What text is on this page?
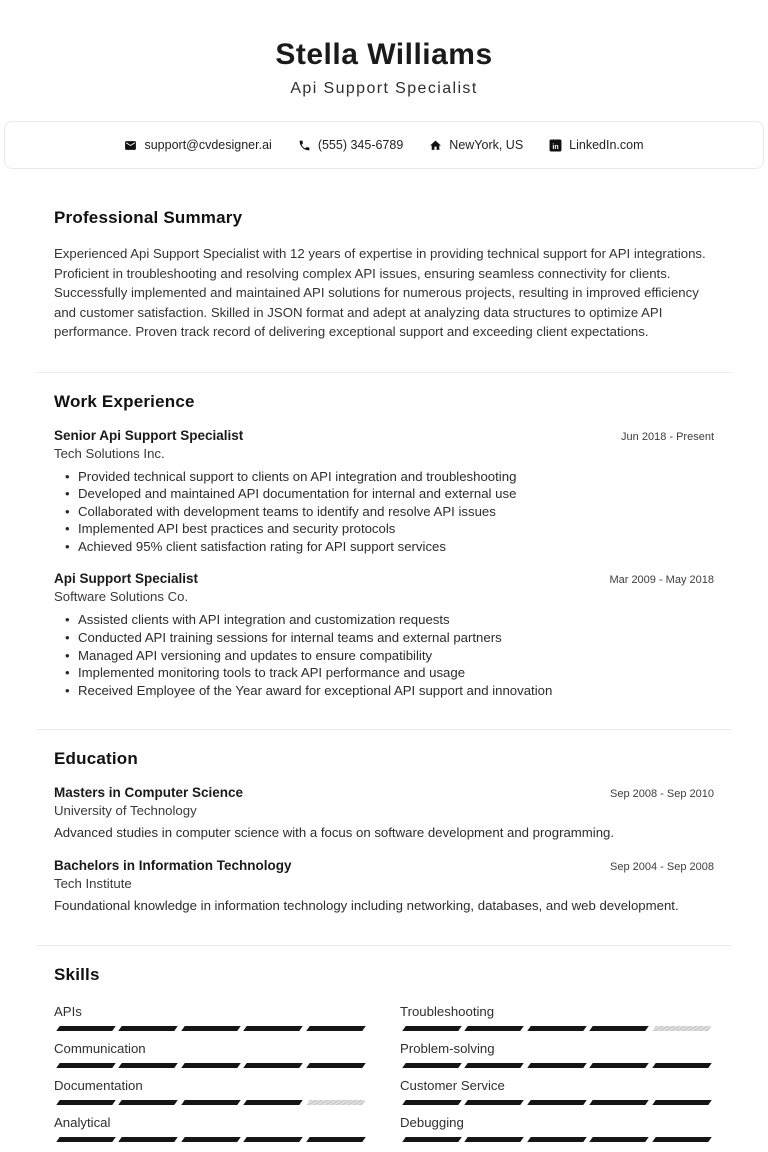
Stella Williams
Api Support Specialist
support@cvdesigner.ai	(555) 345-6789	NewYork, US in LinkedIn.com
Professional Summary

Experienced Api Support Specialist with 12 years of expertise in providing technical support for API integrations. Proficient in troubleshooting and resolving complex API issues, ensuring seamless connectivity for clients. Successfully implemented and maintained API solutions for numerous projects, resulting in improved efficiency and customer satisfaction. Skilled in JSON format and adept at analyzing data structures to optimize API performance. Proven track record of delivering exceptional support and exceeding client expectations.

Work Experience
Senior Api Support Specialist	Jun 2018 - Present
Tech Solutions Inc.
• Provided technical support to clients on API integration and troubleshooting
• Developed and maintained API documentation for internal and external use
• Collaborated with development teams to identify and resolve API issues
• Implemented API best practices and security protocols
• Achieved 95% client satisfaction rating for API support services
Api Support Specialist	Mar 2009 - May 2018
Software Solutions Co.
• Assisted clients with API integration and customization requests
• Conducted API training sessions for internal teams and external partners
• Managed API versioning and updates to ensure compatibility
• Implemented monitoring tools to track API performance and usage
• Received Employee of the Year award for exceptional API support and innovation
Education
Masters in Computer Science	Sep 2008 - Sep 2010
University of Technology

Advanced studies in computer science with a focus on software development and programming.

Bachelors in Information Technology	Sep 2004 - Sep 2008
Tech Institute

Foundational knowledge in information technology including networking, databases, and web development.

Skills
APIs
Communication
Documentation
Analytical
Troubleshooting
Problem-solving
Customer Service
Debugging
